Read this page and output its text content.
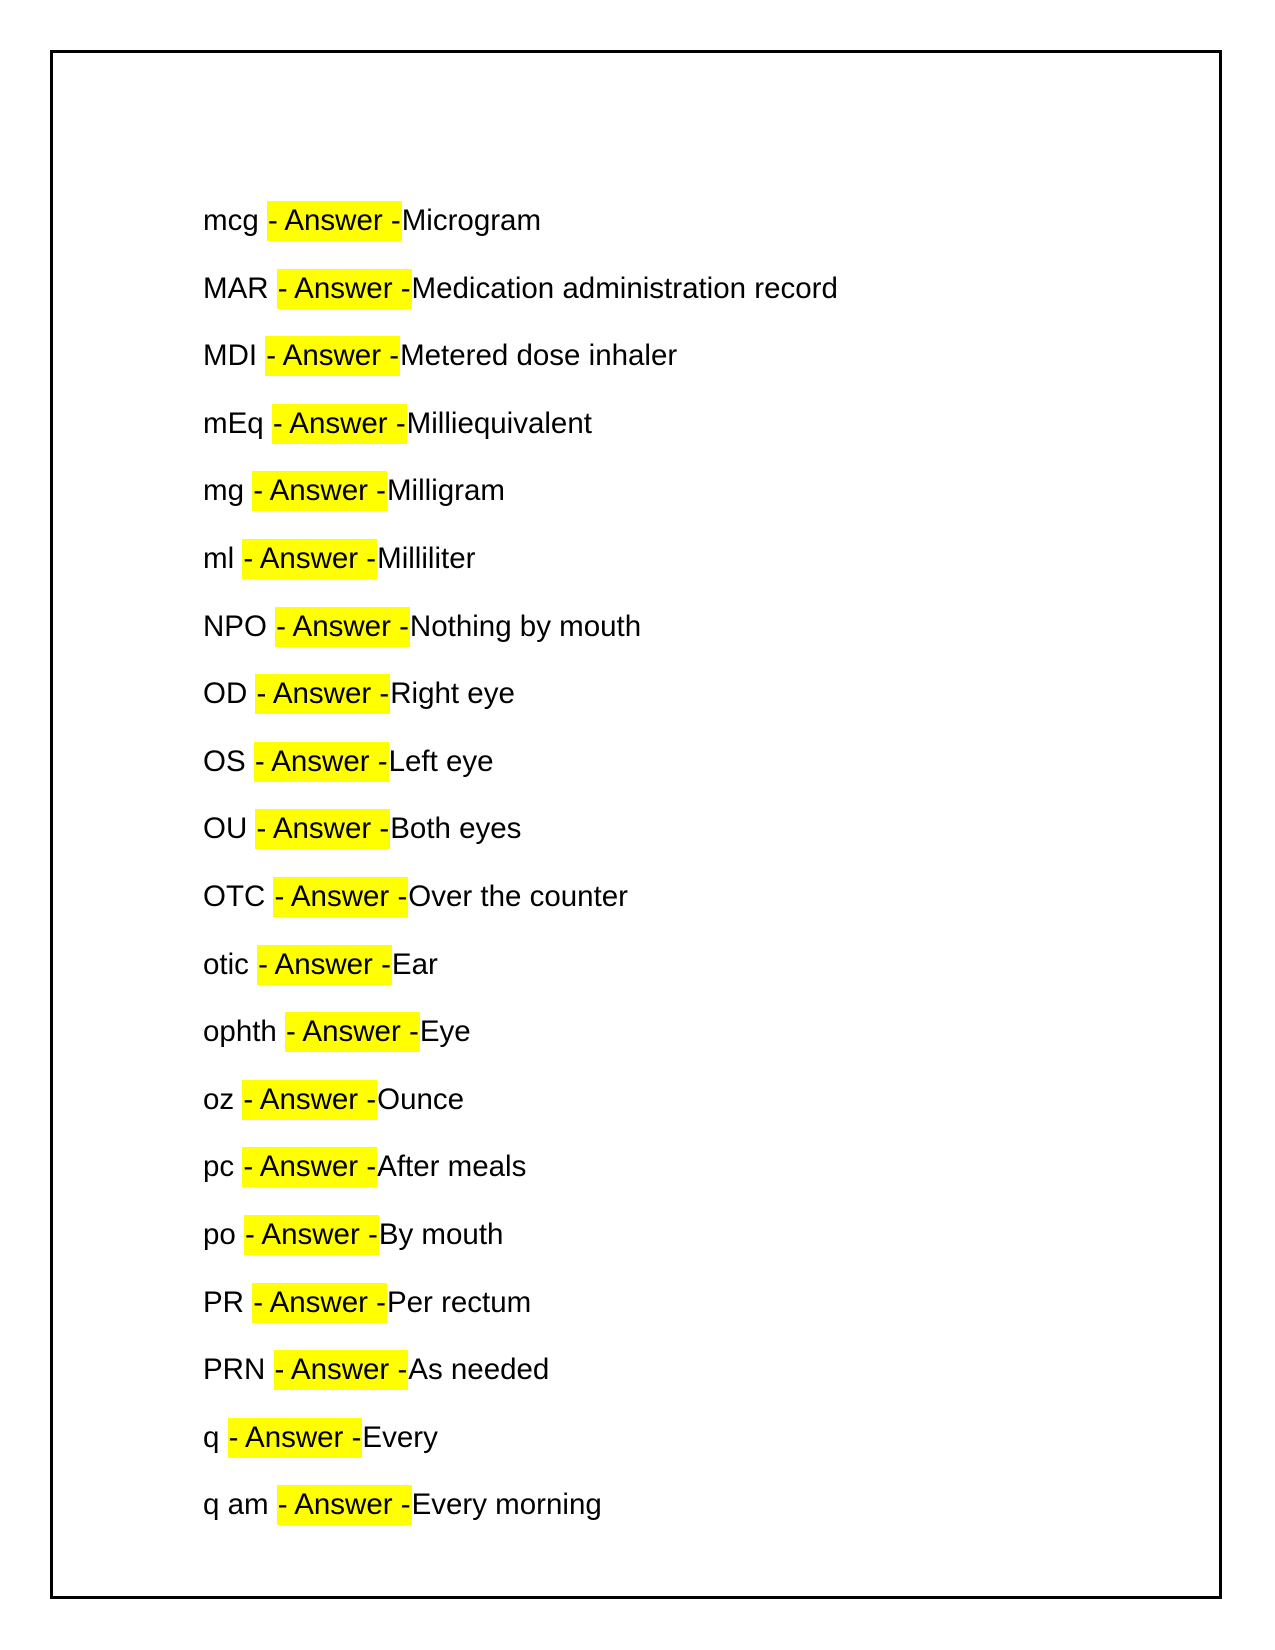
mcg - Answer -Microgram
MAR - Answer -Medication administration record
MDI - Answer -Metered dose inhaler
mEq - Answer -Milliequivalent
mg - Answer -Milligram
ml - Answer -Milliliter
NPO - Answer -Nothing by mouth
OD - Answer -Right eye
OS - Answer -Left eye
OU - Answer -Both eyes
OTC - Answer -Over the counter
otic - Answer -Ear
ophth - Answer -Eye
oz - Answer -Ounce
pc - Answer -After meals
po - Answer -By mouth
PR - Answer -Per rectum
PRN - Answer -As needed
q - Answer -Every
q am - Answer -Every morning
